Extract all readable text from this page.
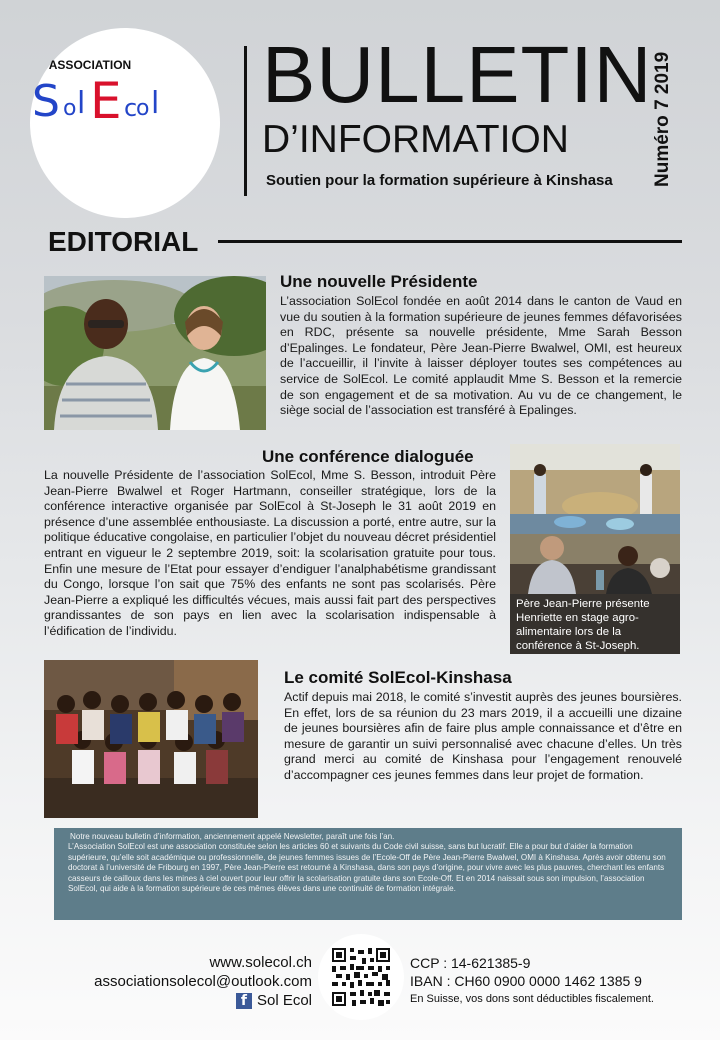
ASSOCIATION
S o l E c
o l BULLETIN
D’INFORMATION
Soutien pour la formation supérieure à Kinshasa Numéro 7 2019
EDITORIAL
Une nouvelle Présidente
L’association SolEcol fondée en août 2014 dans le canton de Vaud en vue du soutien à la formation supérieure de jeunes femmes défavorisées en RDC, présente sa nouvelle présidente, Mme Sarah Besson d’Epalinges. Le fondateur, Père Jean-Pierre Bwalwel, OMI, est heureux de l’accueillir, il l’invite à laisser déployer toutes ses compétences au service de SolEcol. Le comité applaudit Mme S. Besson et la remercie de son engagement et de sa motivation. Au vu de ce changement, le siège social de l’association est transféré à Epalinges.
Une conférence dialoguée
La nouvelle Présidente de l’association SolEcol, Mme S. Besson, introduit Père Jean-Pierre Bwalwel et Roger Hartmann, conseiller stratégique, lors de la conférence interactive organisée par SolEcol à St-Joseph le 31 août 2019 en présence d’une assemblée enthousiaste. La discussion a porté, entre autre, sur la politique éducative congolaise, en particulier l’objet du nouveau décret présidentiel entrant en vigueur le 2 septembre 2019, soit: la scolarisation gratuite pour tous. Enfin une mesure de l’Etat pour essayer d’endiguer l’analphabétisme grandissant du Congo, lorsque l’on sait que 75% des enfants ne sont pas scolarisés. Père Jean-Pierre a expliqué les difficultés vécues, mais aussi fait part des perspectives grandissantes de son pays en lien avec la scolarisation indispensable à l’édification de l’individu.
Père Jean-Pierre présente Henriette en stage agro-alimentaire lors de la conférence à St-Joseph.
Le comité SolEcol-Kinshasa
Actif depuis mai 2018, le comité s’investit auprès des jeunes boursières. En effet, lors de sa réunion du 23 mars 2019, il a accueilli une dizaine de jeunes boursières afin de faire plus ample connaissance et d’être en mesure de garantir un suivi personnalisé avec chacune d’elles. Un très grand merci au comité de Kinshasa pour l’engagement renouvelé d’accompagner ces jeunes femmes dans leur projet de formation.

Notre nouveau bulletin d’information, anciennement appelé Newsletter, paraît une fois l’an.

L’Association SolEcol est une association constituée selon les articles 60 et suivants du Code civil suisse, sans but lucratif. Elle a pour but d’aider la formation supérieure, qu’elle soit académique ou professionnelle, de jeunes femmes issues de l’Ecole-Off de Père Jean-Pierre Bwalwel, OMI à Kinshasa. Après avoir obtenu son doctorat à l’université de Fribourg en 1997, Père Jean-Pierre est retourné à Kinshasa, dans son pays d’origine, pour vivre avec les plus pauvres, cherchant les enfants casseurs de cailloux dans les mines à ciel ouvert pour leur offrir la scolarisation gratuite dans son Ecole-Off. Et en 2014 naissait sous son impulsion, l’association SolEcol, qui aide à la formation supérieure de ces mêmes élèves dans une continuité de formation intégrale.

www.solecol.ch
associationsolecol@outlook.com
f Sol Ecol
CCP : 14-621385-9
IBAN : CH60 0900 0000 1462 1385 9
En Suisse, vos dons sont déductibles fiscalement.
